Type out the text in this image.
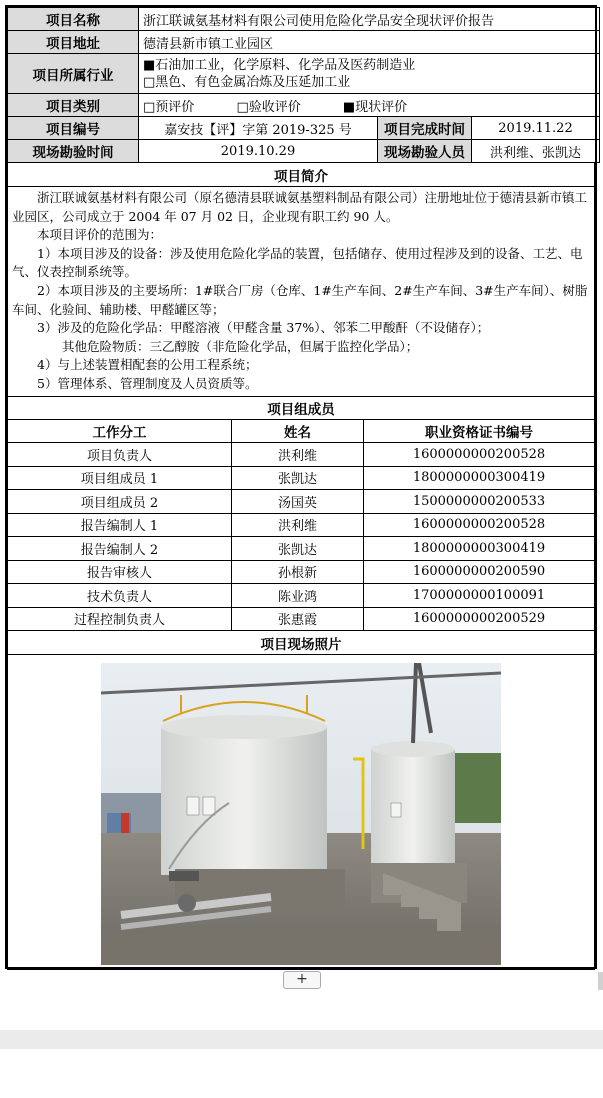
项目名称	浙江联诚氨基材料有限公司使用危险化学品安全现状评价报告		
项目地址	德清县新市镇工业园区		
项目所属行业	■石油加工业，化学原料、化学品及医药制造业
□黑色、有色金属冶炼及压延加工业		

项目类别	□预评价 □验收评价 ■现状评价		
项目编号	嘉安技【评】字第 2019-325 号	项目完成时间	2019.11.22
现场勘验时间	2019.10.29	现场勘验人员	洪利维、张凯达
项目简介

浙江联诚氨基材料有限公司（原名德清县联诚氨基塑料制品有限公司）注册地址位于德清县新市镇工业园区，公司成立于 2004 年 07 月 02 日，企业现有职工约 90 人。

本项目评价的范围为：

1）本项目涉及的设备：涉及使用危险化学品的装置，包括储存、使用过程涉及到的设备、工艺、电气、仪表控制系统等。

2）本项目涉及的主要场所：1#联合厂房（仓库、1#生产车间、2#生产车间、3#生产车间）、树脂车间、化验间、辅助楼、甲醛罐区等；

3）涉及的危险化学品：甲醛溶液（甲醛含量 37%）、邻苯二甲酸酐（不设储存）；

其他危险物质：三乙醇胺（非危险化学品，但属于监控化学品）；

4）与上述装置相配套的公用工程系统；

5）管理体系、管理制度及人员资质等。

项目组成员		
工作分工	姓名	职业资格证书编号
项目负责人	洪利维	1600000000200528
项目组成员 1	张凯达	1800000000300419
项目组成员 2	汤国英	1500000000200533
报告编制人 1	洪利维	1600000000200528
报告编制人 2	张凯达	1800000000300419
报告审核人	孙根新	1600000000200590
技术负责人	陈业鸿	1700000000100091
过程控制负责人	张惠霞	1600000000200529
项目现场照片

+
